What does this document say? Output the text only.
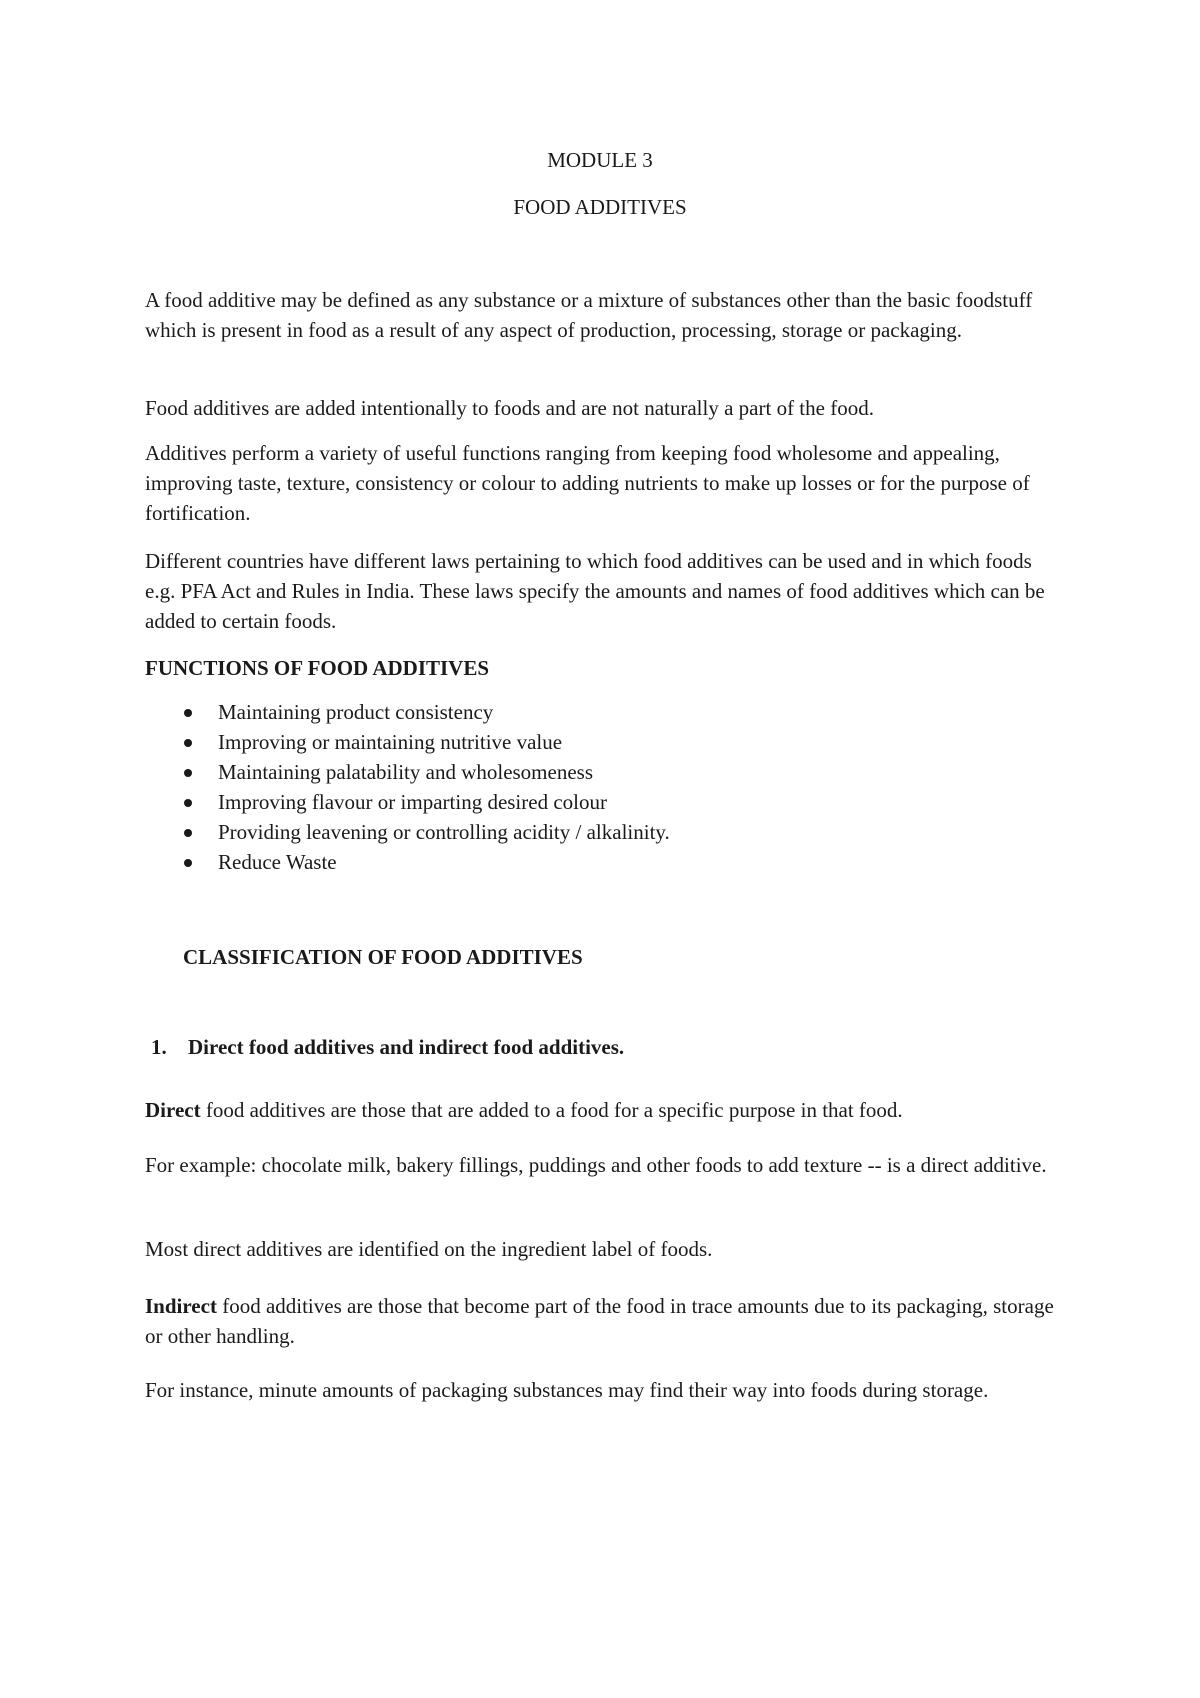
MODULE 3
FOOD ADDITIVES

A food additive may be defined as any substance or a mixture of substances other than the basic foodstuff which is present in food as a result of any aspect of production, processing, storage or packaging.

Food additives are added intentionally to foods and are not naturally a part of the food.

Additives perform a variety of useful functions ranging from keeping food wholesome and appealing, improving taste, texture, consistency or colour to adding nutrients to make up losses or for the purpose of fortification.

Different countries have different laws pertaining to which food additives can be used and in which foods e.g. PFA Act and Rules in India. These laws specify the amounts and names of food additives which can be added to certain foods.

FUNCTIONS OF FOOD ADDITIVES
Maintaining product consistency
Improving or maintaining nutritive value
Maintaining palatability and wholesomeness
Improving flavour or imparting desired colour
Providing leavening or controlling acidity / alkalinity.
Reduce Waste
CLASSIFICATION OF FOOD ADDITIVES
1. Direct food additives and indirect food additives.

Direct food additives are those that are added to a food for a specific purpose in that food.

For example: chocolate milk, bakery fillings, puddings and other foods to add texture -- is a direct additive.

Most direct additives are identified on the ingredient label of foods.

Indirect food additives are those that become part of the food in trace amounts due to its packaging, storage or other handling.

For instance, minute amounts of packaging substances may find their way into foods during storage.
